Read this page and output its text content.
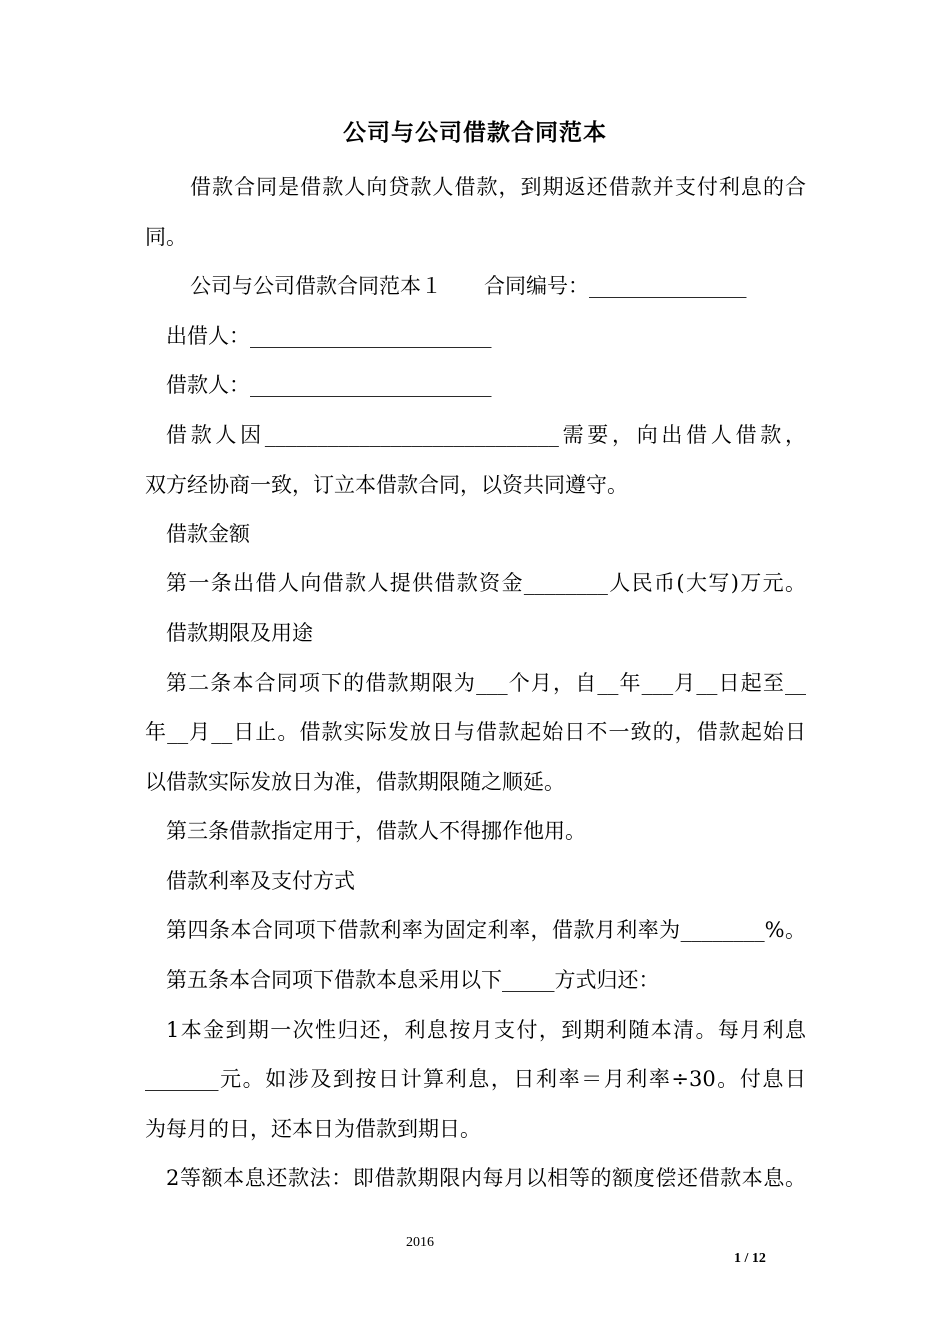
公司与公司借款合同范本
借款合同是借款人向贷款人借款，到期返还借款并支付利息的合
同。
公司与公司借款合同范本１　　合同编号：_______________
出借人：_______________________
借款人：_______________________
借款人因____________________________需要，向出借人借款，
双方经协商一致，订立本借款合同，以资共同遵守。
借款金额
第一条出借人向借款人提供借款资金________人民币(大写)万元。
借款期限及用途
第二条本合同项下的借款期限为___个月，自__年___月__日起至__
年__月__日止。借款实际发放日与借款起始日不一致的，借款起始日
以借款实际发放日为准，借款期限随之顺延。
第三条借款指定用于，借款人不得挪作他用。
借款利率及支付方式
第四条本合同项下借款利率为固定利率，借款月利率为________%。
第五条本合同项下借款本息采用以下_____方式归还：
1本金到期一次性归还，利息按月支付，到期利随本清。每月利息
_______元。如涉及到按日计算利息，日利率＝月利率÷30。付息日
为每月的日，还本日为借款到期日。
2等额本息还款法：即借款期限内每月以相等的额度偿还借款本息。
2016
1 / 12
